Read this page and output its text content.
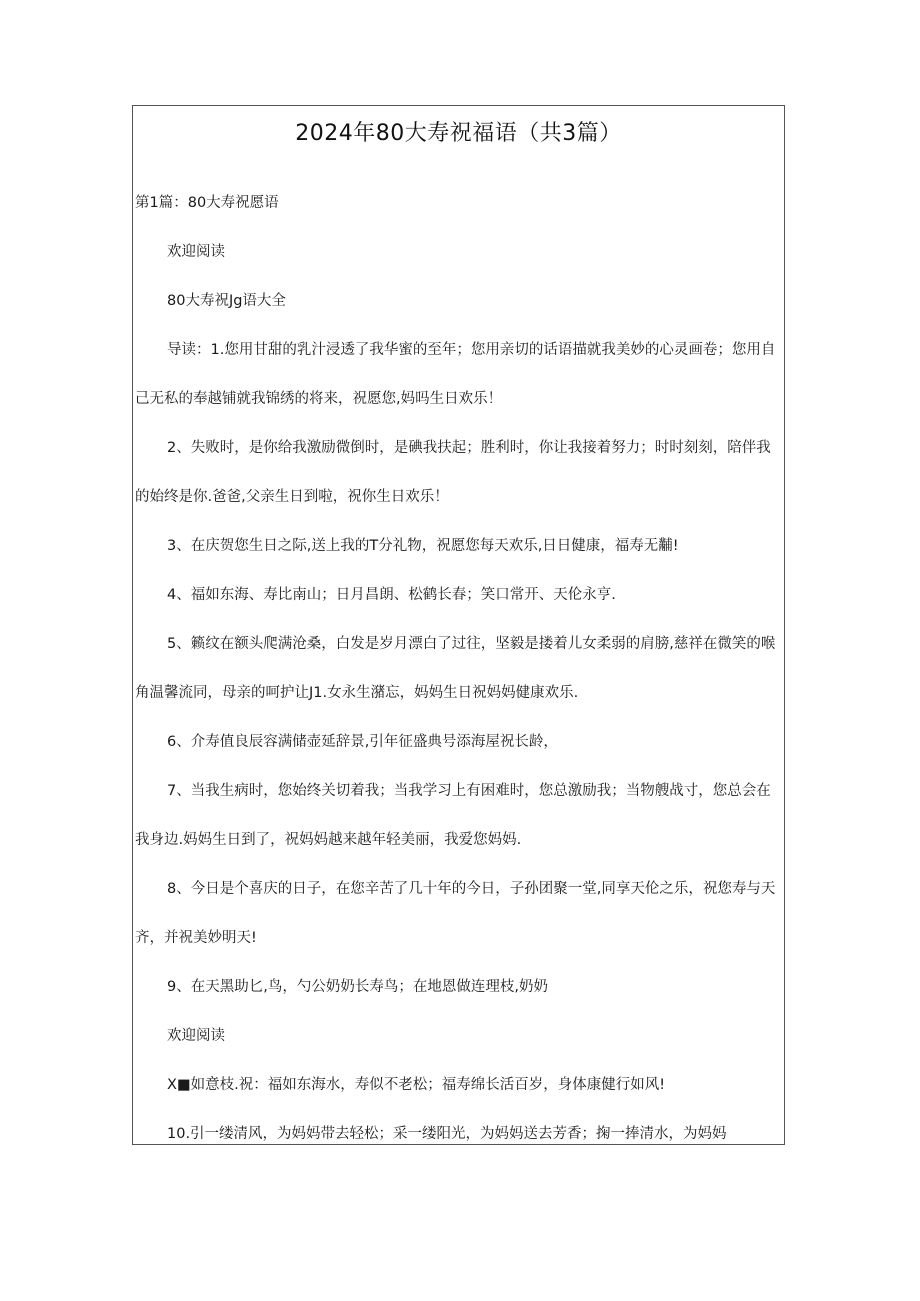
2024年80大寿祝福语（共3篇）
第1篇：80大寿祝愿语
欢迎阅读
80大寿祝Jg语大全
导读：1.您用甘甜的乳汁浸透了我华蜜的至年；您用亲切的话语描就我美妙的心灵画卷；您用自
己无私的奉越铺就我锦绣的将来，祝愿您,妈吗生日欢乐！
2、失败时，是你给我激励微倒时，是碘我扶起；胜利时，你让我接着努力；时时刻刻，陪伴我
的始终是你.爸爸,父亲生日到啦，祝你生日欢乐！
3、在庆贺您生日之际,送上我的T分礼物，祝愿您每天欢乐,日日健康，福寿无黼!
4、福如东海、寿比南山；日月昌朗、松鹤长春；笑口常开、天伦永亨.
5、籁纹在额头爬满沧桑，白发是岁月漂白了过往，坚毅是搂着儿女柔弱的肩膀,慈祥在微笑的喉
角温馨流同，母亲的呵护让J1.女永生潴忘，妈妈生日祝妈妈健康欢乐.
6、介寿值良辰容满储壶延辞景,引年征盛典号添海屋祝长龄，
7、当我生病时，您始终关切着我；当我学习上有困难时，您总激励我；当物艘战寸，您总会在
我身边.妈妈生日到了，祝妈妈越来越年轻美丽，我爱您妈妈.
8、今日是个喜庆的日子，在您辛苦了几十年的今日，子孙团聚一堂,同享天伦之乐，祝您寿与天
齐，并祝美妙明天!
9、在天黑助匕,鸟，勺公奶奶长寿鸟；在地恩做连理枝,奶奶
欢迎阅读
X■如意枝.祝：福如东海水，寿似不老松；福寿绵长活百岁，身体康健行如风!
10.引一缕清风，为妈妈带去轻松；采一缕阳光，为妈妈送去芳香；掬一捧清水，为妈妈
